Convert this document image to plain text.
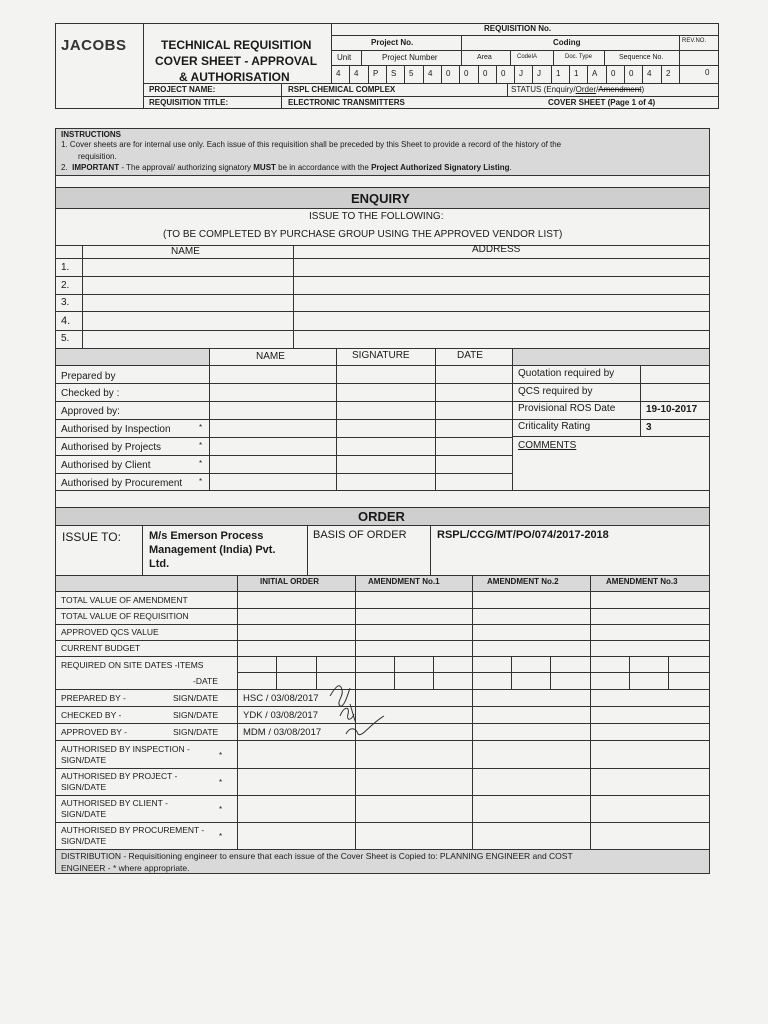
JACOBS	TECHNICAL REQUISITION
COVER SHEET - APPROVAL
& AUTHORISATION
REQUISITION No.
Project No.	Coding	REV.NO.
Unit	Project Number	Area	CodeIA	Doc. Type	Sequence No.
4 4 P S 5 4 0 0 0 0 J J 1 1 A 0 0 4 2	0
PROJECT NAME:	RSPL CHEMICAL COMPLEX	STATUS (Enquiry/Order/Amendment)
REQUISITION TITLE:	ELECTRONIC TRANSMITTERS	COVER SHEET (Page 1 of 4)
INSTRUCTIONS
1. Cover sheets are for internal use only. Each issue of this requisition shall be preceded by this Sheet to provide a record of the history of the
requisition.
2. IMPORTANT - The approval/ authorizing signatory MUST be in accordance with the Project Authorized Signatory Listing.
ENQUIRY
ISSUE TO THE FOLLOWING:
(TO BE COMPLETED BY PURCHASE GROUP USING THE APPROVED VENDOR LIST)
NAME	ADDRESS
1.
2.
3.
4.
5.
NAME	SIGNATURE	DATE
Prepared by
Checked by :
Approved by:
Authorised by Inspection	*
Authorised by Projects	*
Authorised by Client	*
Authorised by Procurement *
Quotation required by
QCS required by
Provisional ROS Date	19-10-2017
Criticality Rating	3
COMMENTS
ORDER
ISSUE TO:	M/s Emerson Process
Management (India) Pvt.
Ltd.
BASIS OF ORDER	RSPL/CCG/MT/PO/074/2017-2018
INITIAL ORDER	AMENDMENT No.1	AMENDMENT No.2	AMENDMENT No.3
TOTAL VALUE OF AMENDMENT
TOTAL VALUE OF REQUISITION
APPROVED QCS VALUE
CURRENT BUDGET
REQUIRED ON SITE DATES -ITEMS
-DATE
PREPARED BY -	SIGN/DATE	HSC / 03/08/2017
CHECKED BY -	SIGN/DATE	YDK / 03/08/2017
APPROVED BY -	SIGN/DATE	MDM / 03/08/2017
AUTHORISED BY INSPECTION -
SIGN/DATE	*
AUTHORISED BY PROJECT -
SIGN/DATE	*
AUTHORISED BY CLIENT -
SIGN/DATE	*
AUTHORISED BY PROCUREMENT -
SIGN/DATE	*
DISTRIBUTION - Requisitioning engineer to ensure that each issue of the Cover Sheet is Copied to: PLANNING ENGINEER and COST
ENGINEER - * where appropriate.
